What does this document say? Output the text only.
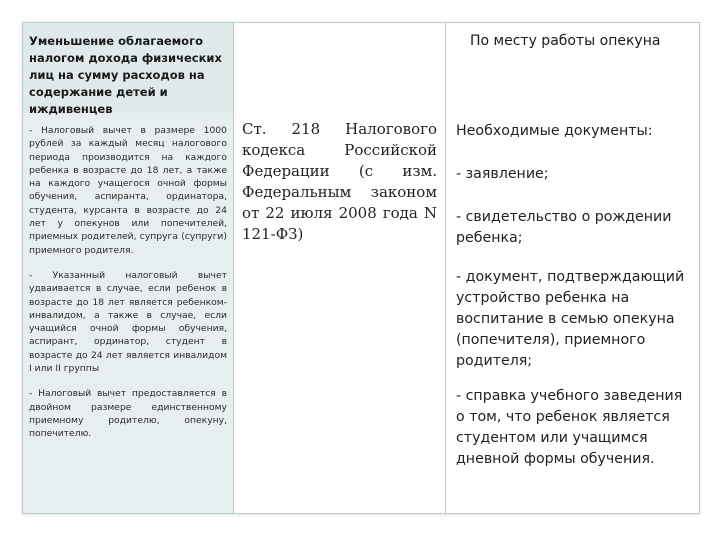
Уменьшение облагаемого налогом дохода физических лиц на сумму расходов на содержание детей и иждивенцев

- Налоговый вычет в размере 1000 рублей за каждый месяц налогового периода производится на каждого ребенка в возрасте до 18 лет, а также на каждого учащегося очной формы обучения, аспиранта, ординатора, студента, курсанта в возрасте до 24 лет у опекунов или попечителей, приемных родителей, супруга (супруги) приемного родителя.

- Указанный налоговый вычет удваивается в случае, если ребенок в возрасте до 18 лет является ребенком-инвалидом, а также в случае, если учащийся очной формы обучения, аспирант, ординатор, студент в возрасте до 24 лет является инвалидом I или II группы

- Налоговый вычет предоставляется в двойном размере единственному приемному родителю, опекуну, попечителю.

Ст. 218 Налогового кодекса Российской Федерации (с изм. Федеральным законом от 22 июля 2008 года N 121-ФЗ)
По месту работы опекуна

Необходимые документы:

- заявление;

- свидетельство о рождении ребенка;

- документ, подтверждающий устройство ребенка на воспитание в семью опекуна (попечителя), приемного родителя;

- справка учебного заведения о том, что ребенок является студентом или учащимся дневной формы обучения.
